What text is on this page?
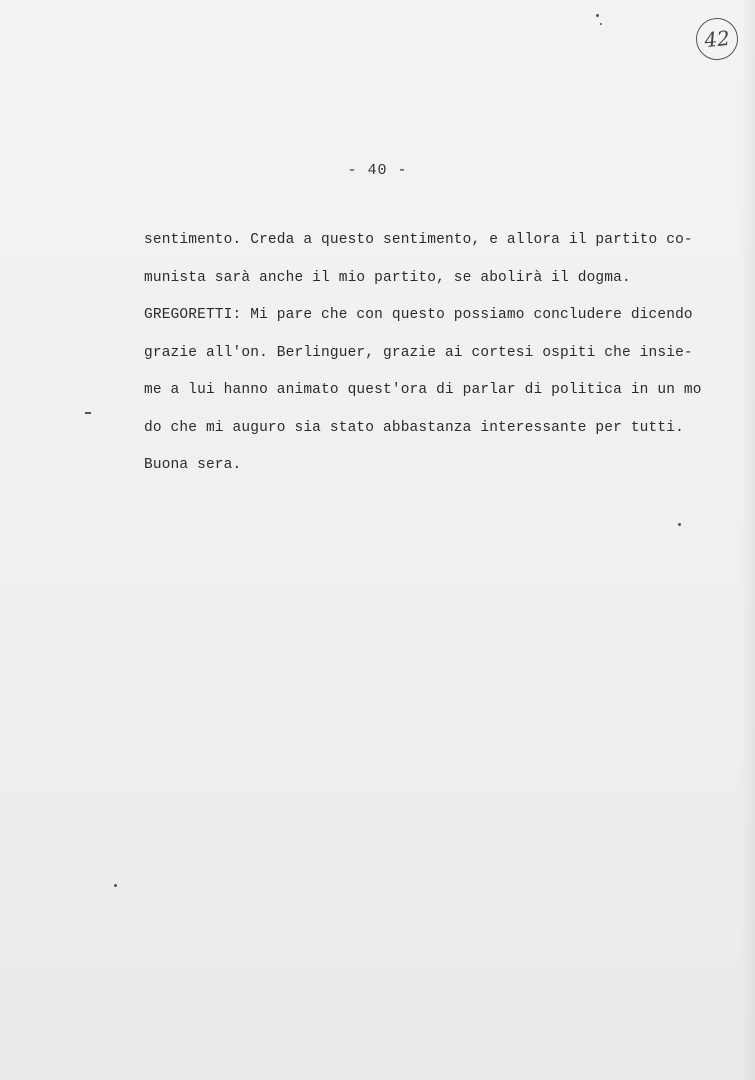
42
- 40 -
sentimento. Creda a questo sentimento, e allora il partito co-
munista sarà anche il mio partito, se abolirà il dogma.
GREGORETTI: Mi pare che con questo possiamo concludere dicendo
grazie all'on. Berlinguer, grazie ai cortesi ospiti che insie-
me a lui hanno animato quest'ora di parlar di politica in un mo
do che mi auguro sia stato abbastanza interessante per tutti.
Buona sera.
